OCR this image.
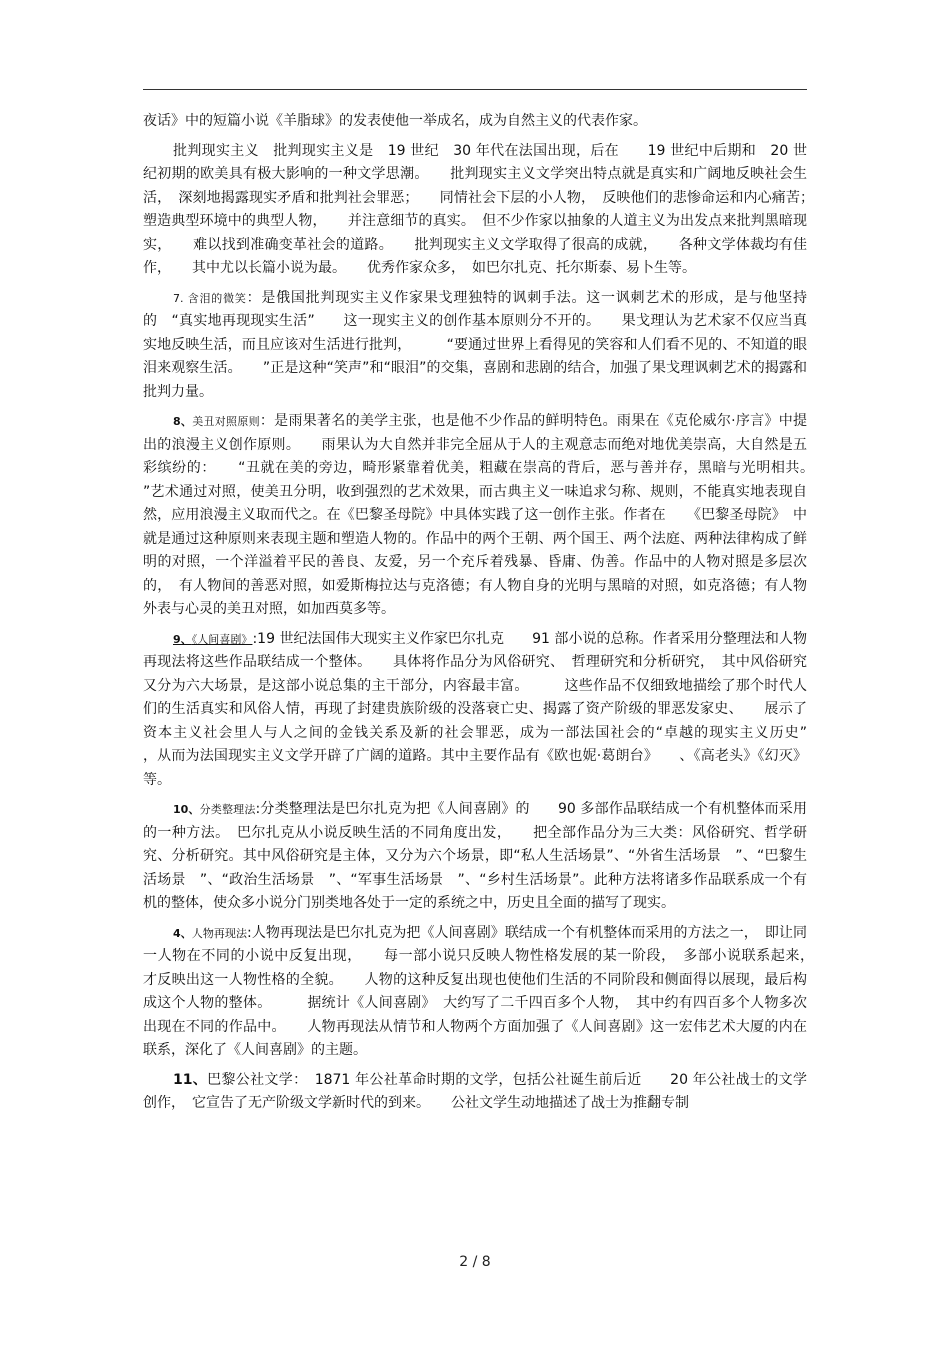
夜话》中的短篇小说《羊脂球》的发表使他一举成名，成为自然主义的代表作家。

批判现实主义　批判现实主义是　19 世纪　30 年代在法国出现，后在　　19 世纪中后期和　20 世纪初期的欧美具有极大影响的一种文学思潮。　　批判现实主义文学突出特点就是真实和广阔地反映社会生活，　深刻地揭露现实矛盾和批判社会罪恶；　　同情社会下层的小人物，　反映他们的悲惨命运和内心痛苦；　　塑造典型环境中的典型人物，　　并注意细节的真实。　但不少作家以抽象的人道主义为出发点来批判黑暗现实，　　难以找到准确变革社会的道路。　　批判现实主义文学取得了很高的成就，　　各种文学体裁均有佳作，　　其中尤以长篇小说为最。　　优秀作家众多，　如巴尔扎克、托尔斯泰、易卜生等。

7. 含泪的微笑：是俄国批判现实主义作家果戈理独特的讽刺手法。这一讽刺艺术的形成，是与他坚持的　“真实地再现现实生活”　　这一现实主义的创作基本原则分不开的。　　果戈理认为艺术家不仅应当真实地反映生活，而且应该对生活进行批判，　　　“要通过世界上看得见的笑容和人们看不见的、不知道的眼泪来观察生活。　　”正是这种“笑声”和“眼泪”的交集，喜剧和悲剧的结合，加强了果戈理讽刺艺术的揭露和批判力量。

8、美丑对照原则：是雨果著名的美学主张，也是他不少作品的鲜明特色。雨果在《克伦威尔·序言》中提出的浪漫主义创作原则。　　雨果认为大自然并非完全屈从于人的主观意志而绝对地优美崇高，大自然是五彩缤纷的：　　“丑就在美的旁边，畸形紧靠着优美，粗藏在崇高的背后，恶与善并存，黑暗与光明相共。　　”艺术通过对照，使美丑分明，收到强烈的艺术效果，而古典主义一味追求匀称、规则，不能真实地表现自然，应用浪漫主义取而代之。在《巴黎圣母院》中具体实践了这一创作主张。作者在　　《巴黎圣母院》　中就是通过这种原则来表现主题和塑造人物的。作品中的两个王朝、两个国王、两个法庭、两种法律构成了鲜明的对照，一个洋溢着平民的善良、友爱，另一个充斥着残暴、昏庸、伪善。作品中的人物对照是多层次的，　有人物间的善恶对照，如爱斯梅拉达与克洛德；有人物自身的光明与黑暗的对照，如克洛德；有人物外表与心灵的美丑对照，如加西莫多等。

9、《人间喜剧》:19 世纪法国伟大现实主义作家巴尔扎克　　91 部小说的总称。作者采用分整理法和人物再现法将这些作品联结成一个整体。　　具体将作品分为风俗研究、　哲理研究和分析研究，　其中风俗研究又分为六大场景，是这部小说总集的主干部分，内容最丰富。　　　这些作品不仅细致地描绘了那个时代人们的生活真实和风俗人情，再现了封建贵族阶级的没落衰亡史、揭露了资产阶级的罪恶发家史、　　展示了资本主义社会里人与人之间的金钱关系及新的社会罪恶，成为一部法国社会的“卓越的现实主义历史”　　　，从而为法国现实主义文学开辟了广阔的道路。其中主要作品有《欧也妮·葛朗台》　　、《高老头》《幻灭》等。

10、分类整理法:分类整理法是巴尔扎克为把《人间喜剧》的　　90 多部作品联结成一个有机整体而采用的一种方法。　巴尔扎克从小说反映生活的不同角度出发，　　把全部作品分为三大类：风俗研究、哲学研究、分析研究。其中风俗研究是主体，又分为六个场景，即“私人生活场景”、“外省生活场景　”、“巴黎生活场景　”、“政治生活场景　”、“军事生活场景　”、“乡村生活场景”。此种方法将诸多作品联系成一个有机的整体，使众多小说分门别类地各处于一定的系统之中，历史且全面的描写了现实。

4、人物再现法:人物再现法是巴尔扎克为把《人间喜剧》联结成一个有机整体而采用的方法之一，　即让同一人物在不同的小说中反复出现，　　每一部小说只反映人物性格发展的某一阶段，　多部小说联系起来，　　才反映出这一人物性格的全貌。　　人物的这种反复出现也使他们生活的不同阶段和侧面得以展现，最后构成这个人物的整体。　　　据统计《人间喜剧》　大约写了二千四百多个人物，　其中约有四百多个人物多次出现在不同的作品中。　　人物再现法从情节和人物两个方面加强了《人间喜剧》这一宏伟艺术大厦的内在联系，深化了《人间喜剧》的主题。

11、巴黎公社文学：　1871 年公社革命时期的文学，包括公社诞生前后近　　20 年公社战士的文学创作，　它宣告了无产阶级文学新时代的到来。　　公社文学生动地描述了战士为推翻专制

2 / 8
